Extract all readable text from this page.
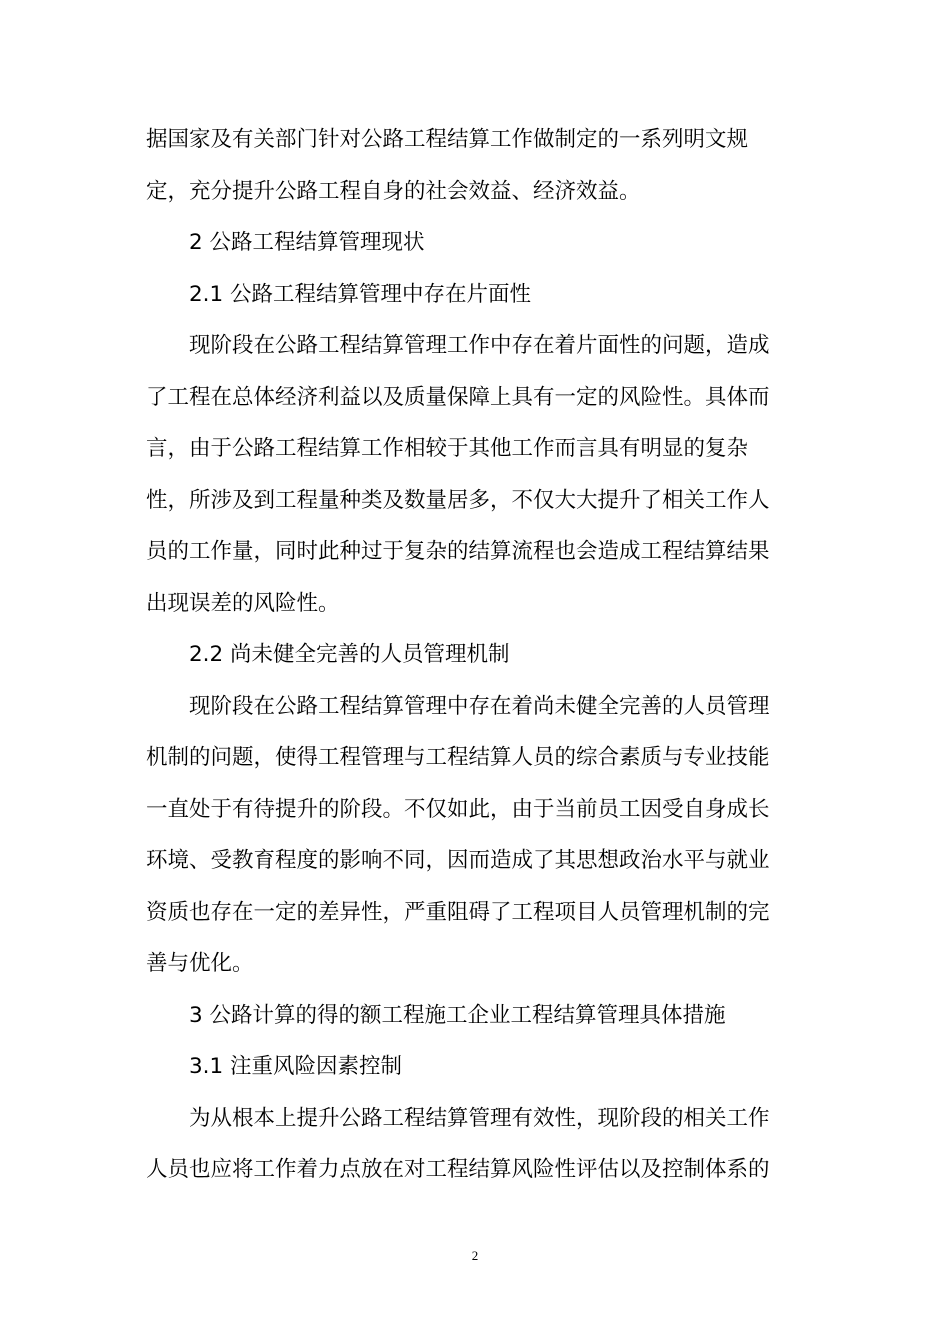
据国家及有关部门针对公路工程结算工作做制定的一系列明文规
定，充分提升公路工程自身的社会效益、经济效益。
2 公路工程结算管理现状
2.1 公路工程结算管理中存在片面性
现阶段在公路工程结算管理工作中存在着片面性的问题，造成
了工程在总体经济利益以及质量保障上具有一定的风险性。具体而
言，由于公路工程结算工作相较于其他工作而言具有明显的复杂
性，所涉及到工程量种类及数量居多，不仅大大提升了相关工作人
员的工作量，同时此种过于复杂的结算流程也会造成工程结算结果
出现误差的风险性。
2.2 尚未健全完善的人员管理机制
现阶段在公路工程结算管理中存在着尚未健全完善的人员管理
机制的问题，使得工程管理与工程结算人员的综合素质与专业技能
一直处于有待提升的阶段。不仅如此，由于当前员工因受自身成长
环境、受教育程度的影响不同，因而造成了其思想政治水平与就业
资质也存在一定的差异性，严重阻碍了工程项目人员管理机制的完
善与优化。
3 公路计算的得的额工程施工企业工程结算管理具体措施
3.1 注重风险因素控制
为从根本上提升公路工程结算管理有效性，现阶段的相关工作
人员也应将工作着力点放在对工程结算风险性评估以及控制体系的
2
